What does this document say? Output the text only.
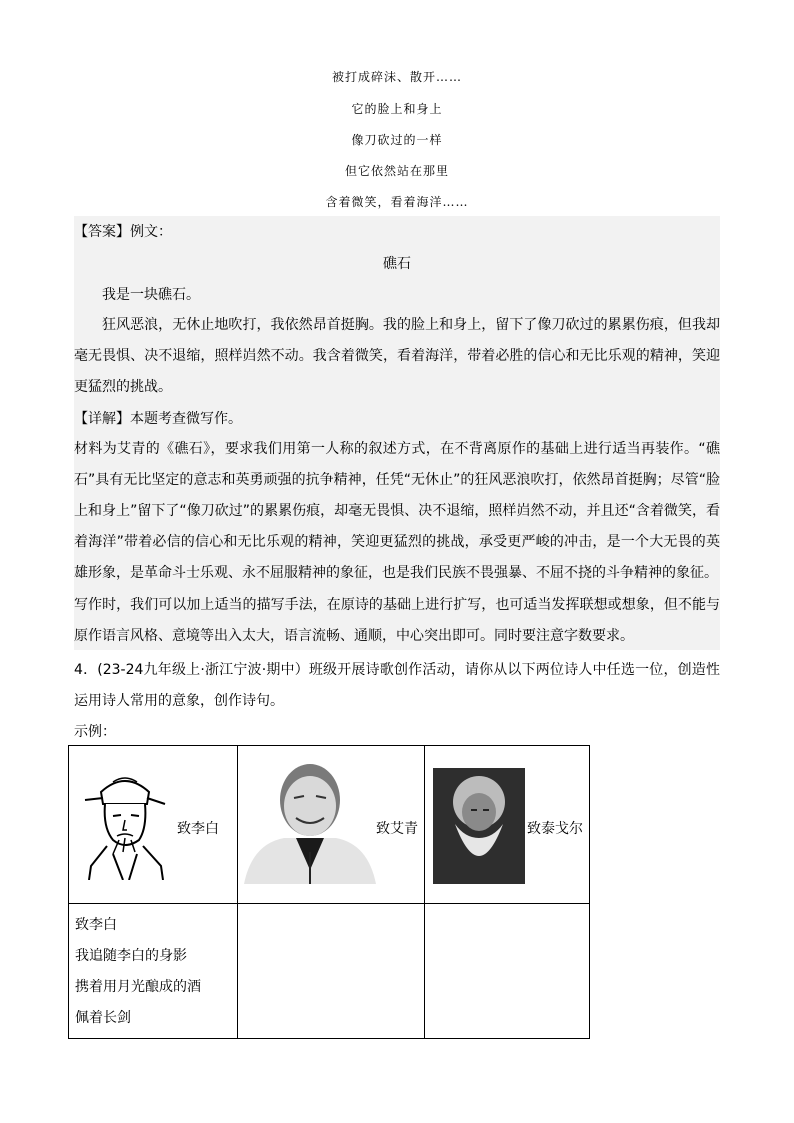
被打成碎沫、散开……
它的脸上和身上
像刀砍过的一样
但它依然站在那里
含着微笑，看着海洋……
【答案】例文：
礁石
我是一块礁石。
狂风恶浪，无休止地吹打，我依然昂首挺胸。我的脸上和身上，留下了像刀砍过的累累伤痕，但我却毫无畏惧、决不退缩，照样岿然不动。我含着微笑，看着海洋，带着必胜的信心和无比乐观的精神，笑迎更猛烈的挑战。
【详解】本题考查微写作。
材料为艾青的《礁石》，要求我们用第一人称的叙述方式，在不背离原作的基础上进行适当再装作。“礁石”具有无比坚定的意志和英勇顽强的抗争精神，任凭“无休止”的狂风恶浪吹打，依然昂首挺胸；尽管“脸上和身上”留下了“像刀砍过”的累累伤痕，却毫无畏惧、决不退缩，照样岿然不动，并且还“含着微笑，看着海洋”带着必信的信心和无比乐观的精神，笑迎更猛烈的挑战，承受更严峻的冲击，是一个大无畏的英雄形象，是革命斗士乐观、永不屈服精神的象征，也是我们民族不畏强暴、不屈不挠的斗争精神的象征。
写作时，我们可以加上适当的描写手法，在原诗的基础上进行扩写，也可适当发挥联想或想象，但不能与原作语言风格、意境等出入太大，语言流畅、通顺，中心突出即可。同时要注意字数要求。
4．(23-24九年级上·浙江宁波·期中）班级开展诗歌创作活动，请你从以下两位诗人中任选一位，创造性运用诗人常用的意象，创作诗句。
示例：
致李白	致艾青	致泰戈尔

致李白

我追随李白的身影

携着用月光酿成的酒

佩着长剑		
